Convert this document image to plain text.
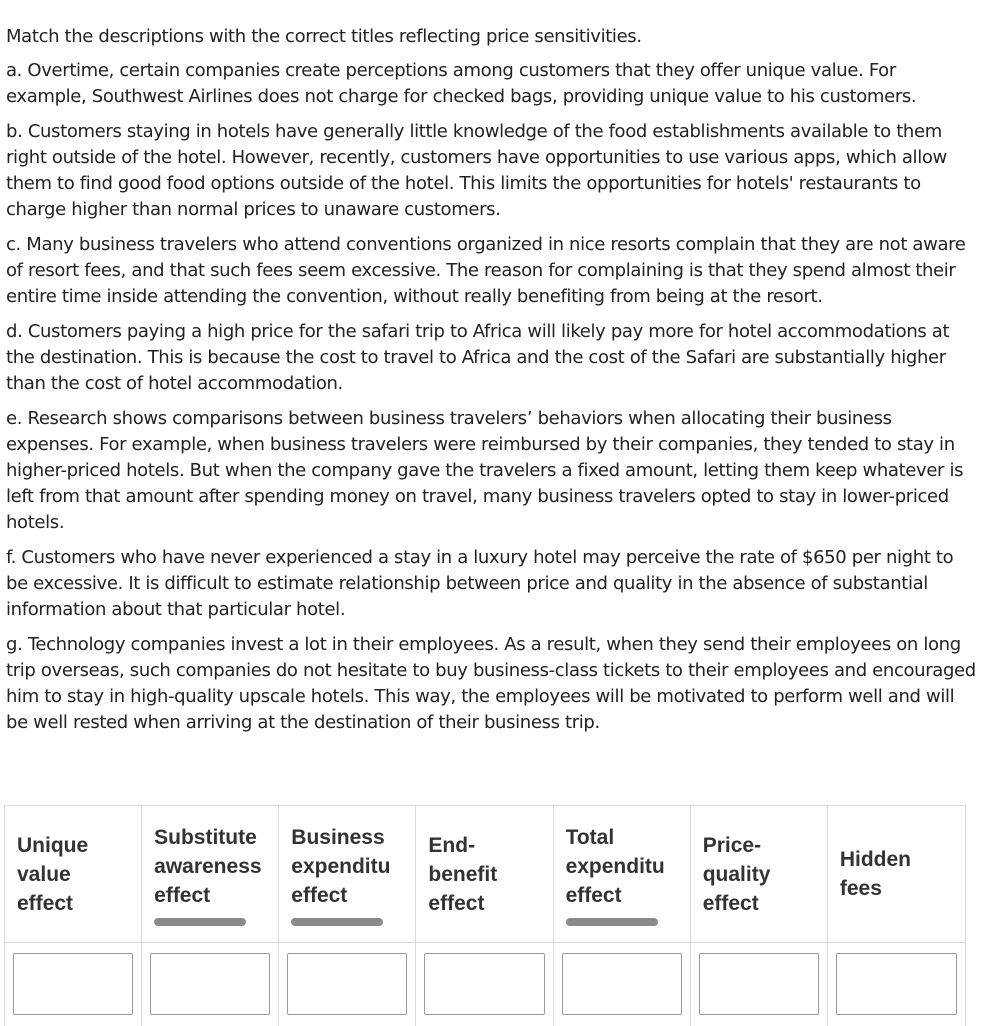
Match the descriptions with the correct titles reflecting price sensitivities.

a. Overtime, certain companies create perceptions among customers that they offer unique value. For example, Southwest Airlines does not charge for checked bags, providing unique value to his customers.

b. Customers staying in hotels have generally little knowledge of the food establishments available to them right outside of the hotel. However, recently, customers have opportunities to use various apps, which allow them to find good food options outside of the hotel. This limits the opportunities for hotels' restaurants to charge higher than normal prices to unaware customers.

c. Many business travelers who attend conventions organized in nice resorts complain that they are not aware of resort fees, and that such fees seem excessive. The reason for complaining is that they spend almost their entire time inside attending the convention, without really benefiting from being at the resort.

d. Customers paying a high price for the safari trip to Africa will likely pay more for hotel accommodations at the destination. This is because the cost to travel to Africa and the cost of the Safari are substantially higher than the cost of hotel accommodation.

e. Research shows comparisons between business travelers’ behaviors when allocating their business expenses. For example, when business travelers were reimbursed by their companies, they tended to stay in higher-priced hotels. But when the company gave the travelers a fixed amount, letting them keep whatever is left from that amount after spending money on travel, many business travelers opted to stay in lower-priced hotels.

f. Customers who have never experienced a stay in a luxury hotel may perceive the rate of $650 per night to be excessive. It is difficult to estimate relationship between price and quality in the absence of substantial information about that particular hotel.

g. Technology companies invest a lot in their employees. As a result, when they send their employees on long trip overseas, such companies do not hesitate to buy business-class tickets to their employees and encouraged him to stay in high-quality upscale hotels. This way, the employees will be motivated to perform well and will be well rested when arriving at the destination of their business trip.

Unique
value
effect
Substitute
awareness
effect
Business
expenditu
effect
End-
benefit
effect
Total
expenditu
effect
Price-
quality
effect
Hidden
fees
